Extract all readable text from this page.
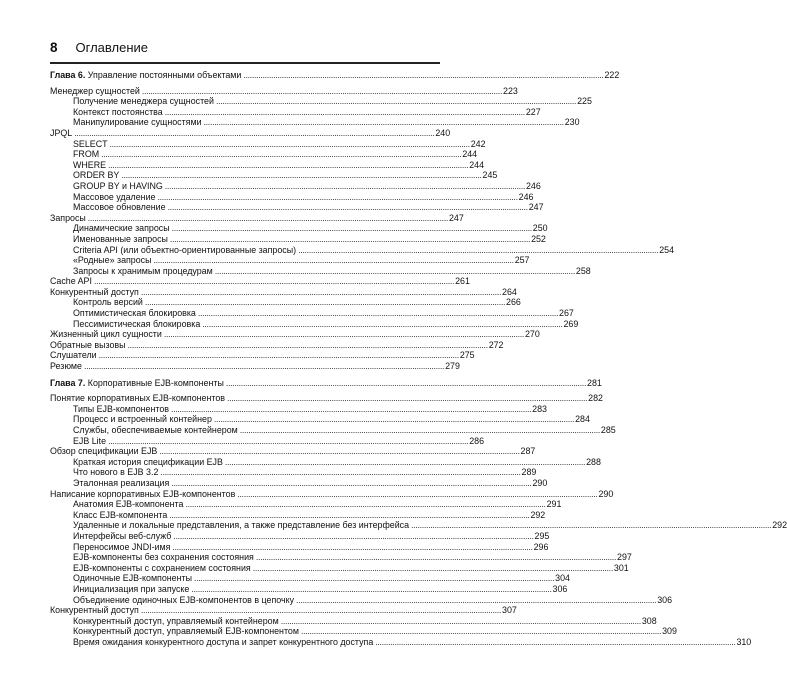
8 Оглавление
Глава 6. Управление постоянными объектами . . .	222
Менеджер сущностей . . .	223
Получение менеджера сущностей . . .	225
Контекст постоянства . . .	227
Манипулирование сущностями . . .	230
JPQL . . .	240
SELECT . . .	242
FROM . . .	244
WHERE . . .	244
ORDER BY . . .	245
GROUP BY и HAVING . . .	246
Массовое удаление . . .	246
Массовое обновление . . .	247
Запросы . . .	247
Динамические запросы . . .	250
Именованные запросы . . .	252
Criteria API (или объектно-ориентированные запросы) . . .	254
«Родные» запросы . . .	257
Запросы к хранимым процедурам . . .	258
Cache API . . .	261
Конкурентный доступ . . .	264
Контроль версий . . .	266
Оптимистическая блокировка . . .	267
Пессимистическая блокировка . . .	269
Жизненный цикл сущности . . .	270
Обратные вызовы . . .	272
Слушатели . . .	275
Резюме . . .	279
Глава 7. Корпоративные EJB-компоненты . . .	281
Понятие корпоративных EJB-компонентов . . .	282
Типы EJB-компонентов . . .	283
Процесс и встроенный контейнер . . .	284
Службы, обеспечиваемые контейнером . . .	285
EJB Lite . . .	286
Обзор спецификации EJB . . .	287
Краткая история спецификации EJB . . .	288
Что нового в EJB 3.2 . . .	289
Эталонная реализация . . .	290
Написание корпоративных EJB-компонентов . . .	290
Анатомия EJB-компонента . . .	291
Класс EJB-компонента . . .	292
Удаленные и локальные представления, а также представление без интерфейса . . .	292
Интерфейсы веб-служб . . .	295
Переносимое JNDI-имя . . .	296
EJB-компоненты без сохранения состояния . . .	297
EJB-компоненты с сохранением состояния . . .	301
Одиночные EJB-компоненты . . .	304
Инициализация при запуске . . .	306
Объединение одиночных EJB-компонентов в цепочку . . .	306
Конкурентный доступ . . .	307
Конкурентный доступ, управляемый контейнером . . .	308
Конкурентный доступ, управляемый EJB-компонентом . . .	309
Время ожидания конкурентного доступа и запрет конкурентного доступа . . .	310
